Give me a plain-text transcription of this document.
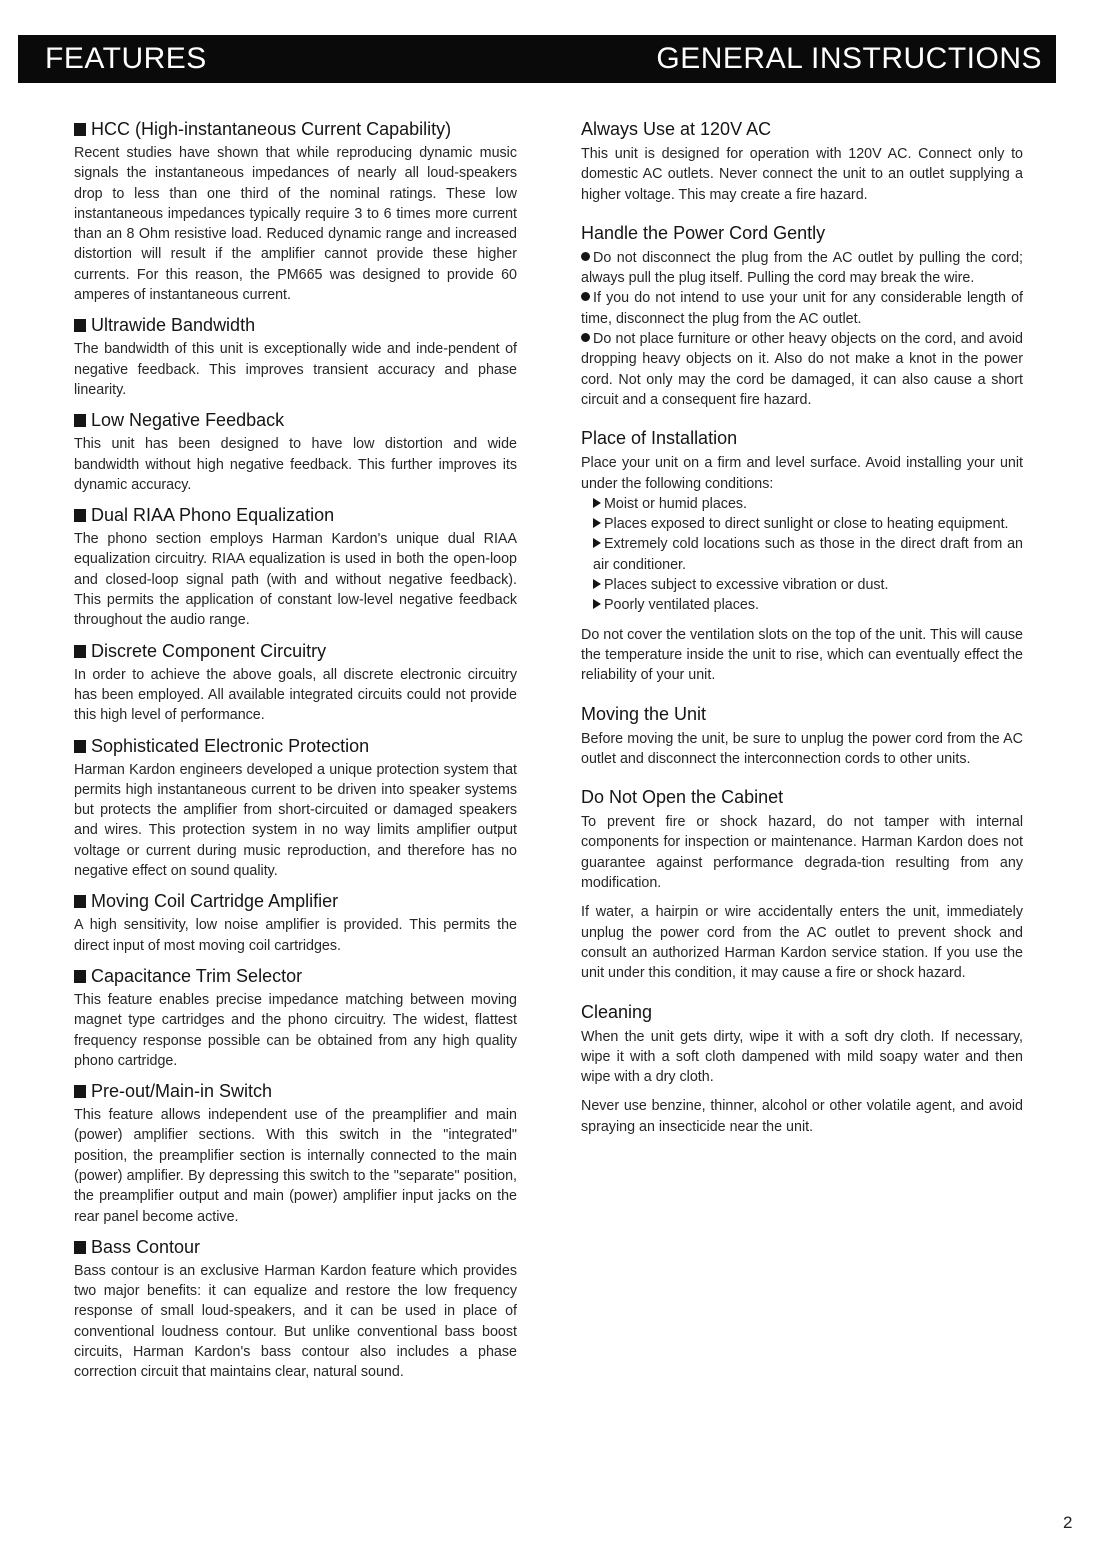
FEATURES	GENERAL INSTRUCTIONS
HCC (High-instantaneous Current Capability)

Recent studies have shown that while reproducing dynamic music signals the instantaneous impedances of nearly all loud-speakers drop to less than one third of the nominal ratings. These low instantaneous impedances typically require 3 to 6 times more current than an 8 Ohm resistive load. Reduced dynamic range and increased distortion will result if the amplifier cannot provide these higher currents. For this reason, the PM665 was designed to provide 60 amperes of instantaneous current.

Ultrawide Bandwidth

The bandwidth of this unit is exceptionally wide and inde-pendent of negative feedback. This improves transient accuracy and phase linearity.

Low Negative Feedback

This unit has been designed to have low distortion and wide bandwidth without high negative feedback. This further improves its dynamic accuracy.

Dual RIAA Phono Equalization

The phono section employs Harman Kardon's unique dual RIAA equalization circuitry. RIAA equalization is used in both the open-loop and closed-loop signal path (with and without negative feedback). This permits the application of constant low-level negative feedback throughout the audio range.

Discrete Component Circuitry

In order to achieve the above goals, all discrete electronic circuitry has been employed. All available integrated circuits could not provide this high level of performance.

Sophisticated Electronic Protection

Harman Kardon engineers developed a unique protection system that permits high instantaneous current to be driven into speaker systems but protects the amplifier from short-circuited or damaged speakers and wires. This protection system in no way limits amplifier output voltage or current during music reproduction, and therefore has no negative effect on sound quality.

Moving Coil Cartridge Amplifier

A high sensitivity, low noise amplifier is provided. This permits the direct input of most moving coil cartridges.

Capacitance Trim Selector

This feature enables precise impedance matching between moving magnet type cartridges and the phono circuitry. The widest, flattest frequency response possible can be obtained from any high quality phono cartridge.

Pre-out/Main-in Switch

This feature allows independent use of the preamplifier and main (power) amplifier sections. With this switch in the "integrated" position, the preamplifier section is internally connected to the main (power) amplifier. By depressing this switch to the "separate" position, the preamplifier output and main (power) amplifier input jacks on the rear panel become active.

Bass Contour

Bass contour is an exclusive Harman Kardon feature which provides two major benefits: it can equalize and restore the low frequency response of small loud-speakers, and it can be used in place of conventional loudness contour. But unlike conventional bass boost circuits, Harman Kardon's bass contour also includes a phase correction circuit that maintains clear, natural sound.

Always Use at 120V AC

This unit is designed for operation with 120V AC. Connect only to domestic AC outlets. Never connect the unit to an outlet supplying a higher voltage. This may create a fire hazard.

Handle the Power Cord Gently
Do not disconnect the plug from the AC outlet by pulling the cord; always pull the plug itself. Pulling the cord may break the wire.
If you do not intend to use your unit for any considerable length of time, disconnect the plug from the AC outlet.
Do not place furniture or other heavy objects on the cord, and avoid dropping heavy objects on it. Also do not make a knot in the power cord. Not only may the cord be damaged, it can also cause a short circuit and a consequent fire hazard.
Place of Installation

Place your unit on a firm and level surface. Avoid installing your unit under the following conditions:

Moist or humid places.
Places exposed to direct sunlight or close to heating equipment.
Extremely cold locations such as those in the direct draft from an air conditioner.
Places subject to excessive vibration or dust.
Poorly ventilated places.

Do not cover the ventilation slots on the top of the unit. This will cause the temperature inside the unit to rise, which can eventually effect the reliability of your unit.

Moving the Unit

Before moving the unit, be sure to unplug the power cord from the AC outlet and disconnect the interconnection cords to other units.

Do Not Open the Cabinet

To prevent fire or shock hazard, do not tamper with internal components for inspection or maintenance. Harman Kardon does not guarantee against performance degrada-tion resulting from any modification.

If water, a hairpin or wire accidentally enters the unit, immediately unplug the power cord from the AC outlet to prevent shock and consult an authorized Harman Kardon service station. If you use the unit under this condition, it may cause a fire or shock hazard.

Cleaning

When the unit gets dirty, wipe it with a soft dry cloth. If necessary, wipe it with a soft cloth dampened with mild soapy water and then wipe with a dry cloth.

Never use benzine, thinner, alcohol or other volatile agent, and avoid spraying an insecticide near the unit.

2
